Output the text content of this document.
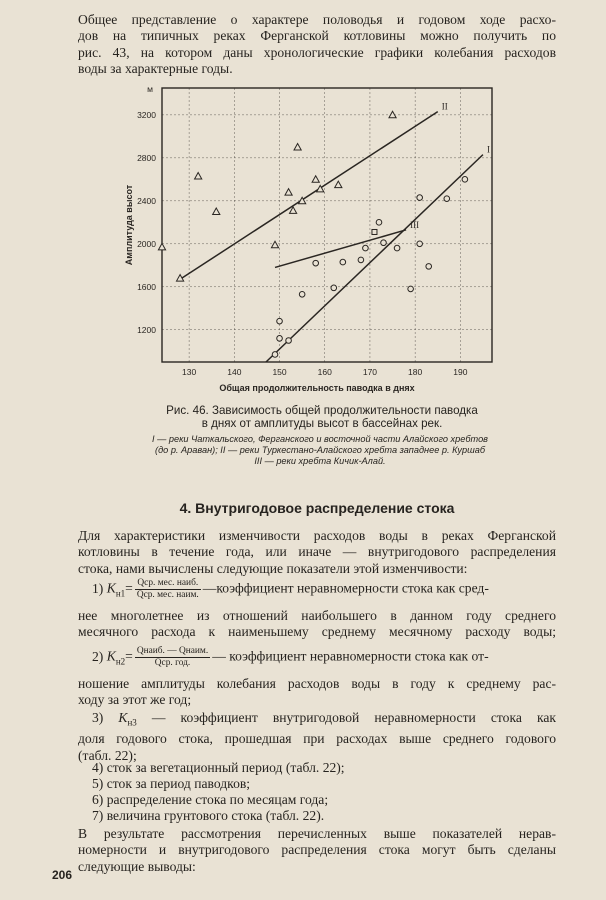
Общее представление о характере половодья и годовом ходе расхо-
дов на типичных реках Ферганской котловины можно получить по
рис. 43, на котором даны хронологические графики колебания расходов
воды за характерные годы.
130	140	150	160	170	180	190
1200
1600
2000
2400
2800
3200
м
Общая продолжительность паводка в днях
Амплитуда высот
I
II
III
Рис. 46. Зависимость общей продолжительности паводка
в днях от амплитуды высот в бассейнах рек.
I — реки Чаткальского, Ферганского и восточной части Алайского хребтов
(до р. Араван); II — реки Туркестано-Алайского хребта западнее р. Куршаб
III — реки хребта Кичик-Алай.
4. Внутригодовое распределение стока
Для характеристики изменчивости расходов воды в реках Ферганской
котловины в течение года, или иначе — внутригодового распределения
стока, нами вычислены следующие показатели этой изменчивости:
1) $K_{н1}= \frac{\text{Qср. мес. наиб.}}{\text{Qср. мес. наим.}}$ —коэффициент неравномерности стока как сред-
нее многолетнее из отношений наибольшего в данном году среднего
месячного расхода к наименьшему среднему месячному расходу воды;
2) $K_{н2}= \frac{\text{Qнаиб. — Qнаим.}}{\text{Qср. год.}}$ — коэффициент неравномерности стока как от-
ношение амплитуды колебания расходов воды в году к среднему рас-
ходу за этот же год;
3) $K_{н3}$ — коэффициент внутригодовой неравномерности стока как
доля годового стока, прошедшая при расходах выше среднего годового
(табл. 22);
4) сток за вегетационный период (табл. 22);
5) сток за период паводков;
6) распределение стока по месяцам года;
7) величина грунтового стока (табл. 22).
В результате рассмотрения перечисленных выше показателей нерав-
номерности и внутригодового распределения стока могут быть сделаны
следующие выводы:
206
